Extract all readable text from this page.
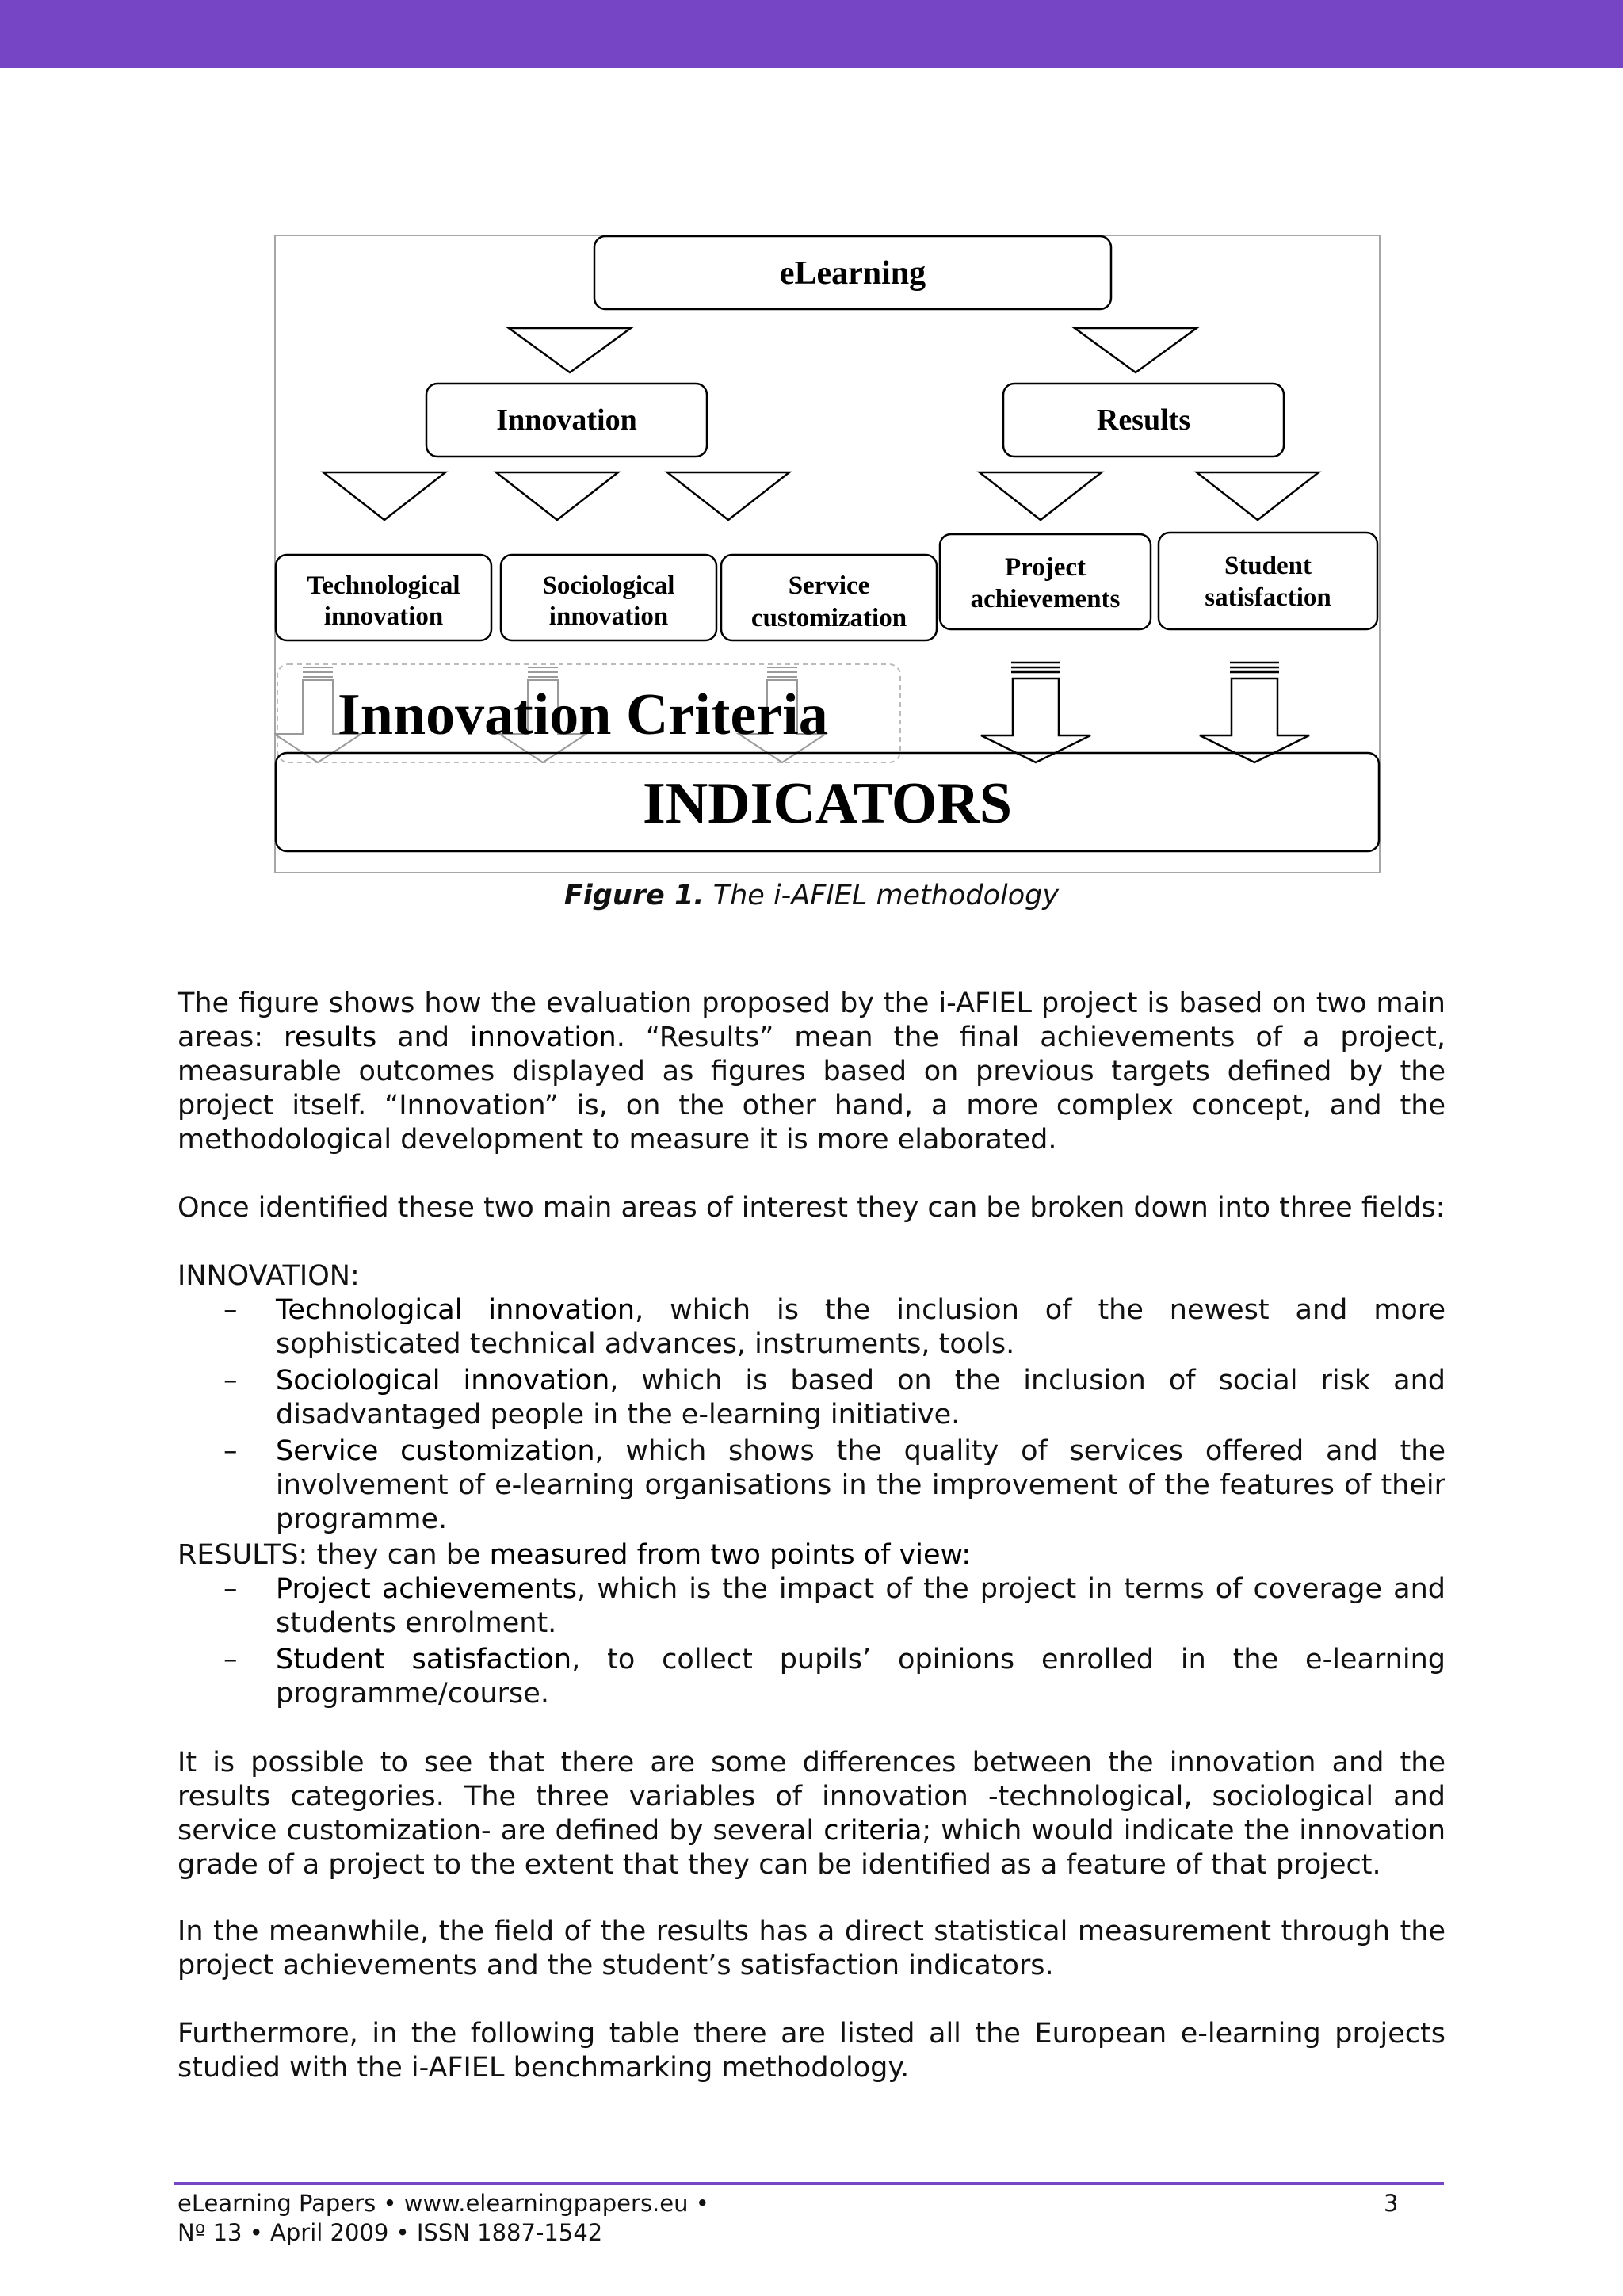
eLearning
Innovation	Results
Technological
innovation
Sociological
innovation
Service
customization
Project
achievements
Student
satisfaction
Innovation Criteria
INDICATORS
Figure 1. The i-AFIEL methodology
The figure shows how the evaluation proposed by the i-AFIEL project is based on two main areas: results and innovation. “Results” mean the final achievements of a project, measurable outcomes displayed as figures based on previous targets defined by the project itself. “Innovation” is, on the other hand, a more complex concept, and the methodological development to measure it is more elaborated.
Once identified these two main areas of interest they can be broken down into three fields:
INNOVATION:
– Technological innovation, which is the inclusion of the newest and more sophisticated technical advances, instruments, tools.
– Sociological innovation, which is based on the inclusion of social risk and disadvantaged people in the e-learning initiative.
– Service customization, which shows the quality of services offered and the involvement of e-learning organisations in the improvement of the features of their programme.
RESULTS: they can be measured from two points of view:
– Project achievements, which is the impact of the project in terms of coverage and students enrolment.
– Student satisfaction, to collect pupils’ opinions enrolled in the e-learning programme/course.
It is possible to see that there are some differences between the innovation and the results categories. The three variables of innovation -technological, sociological and service customization- are defined by several criteria; which would indicate the innovation grade of a project to the extent that they can be identified as a feature of that project.
In the meanwhile, the field of the results has a direct statistical measurement through the project achievements and the student’s satisfaction indicators.
Furthermore, in the following table there are listed all the European e-learning projects studied with the i-AFIEL benchmarking methodology.
eLearning Papers • www.elearningpapers.eu •
Nº 13 • April 2009 • ISSN 1887-1542
3
